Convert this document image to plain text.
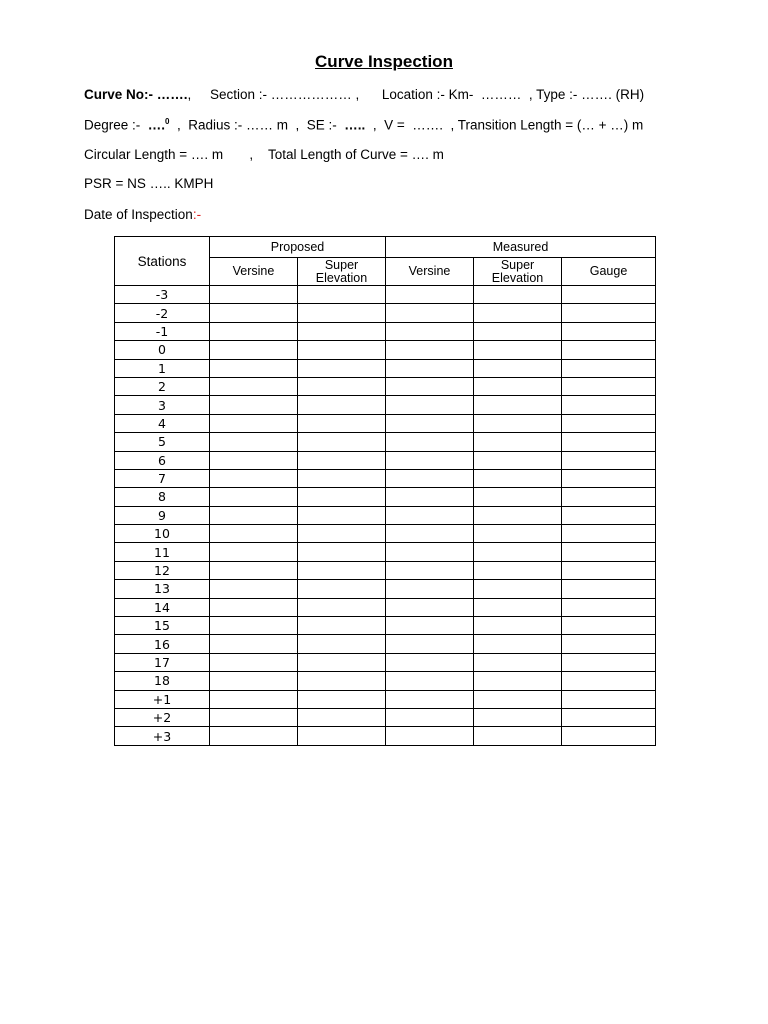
Curve Inspection
Curve No:- …….,     Section :- ……………… ,      Location :- Km-  ………  , Type :- ……. (RH)
Degree :-  ….$^0$  ,  Radius :- …… m  ,  SE :-  …..  ,  V =  …….  , Transition Length = (… + …) m
Circular Length = …. m       ,    Total Length of Curve = …. m
PSR = NS ….. KMPH
Date of Inspection:-
Stations	Proposed		Measured		
	Versine	Super Elevation	Versine	Super Elevation	Gauge
-3					
-2					
-1					
0					
1					
2					
3					
4					
5					
6					
7					
8					
9					
10					
11					
12					
13					
14					
15					
16					
17					
18					
+1					
+2					
+3					
